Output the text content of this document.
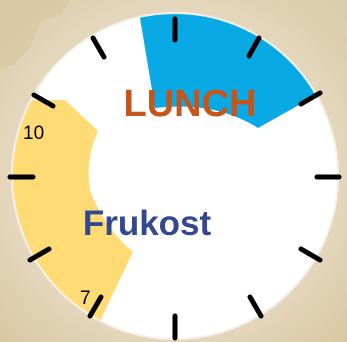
10
7
LUNCH
Frukost
